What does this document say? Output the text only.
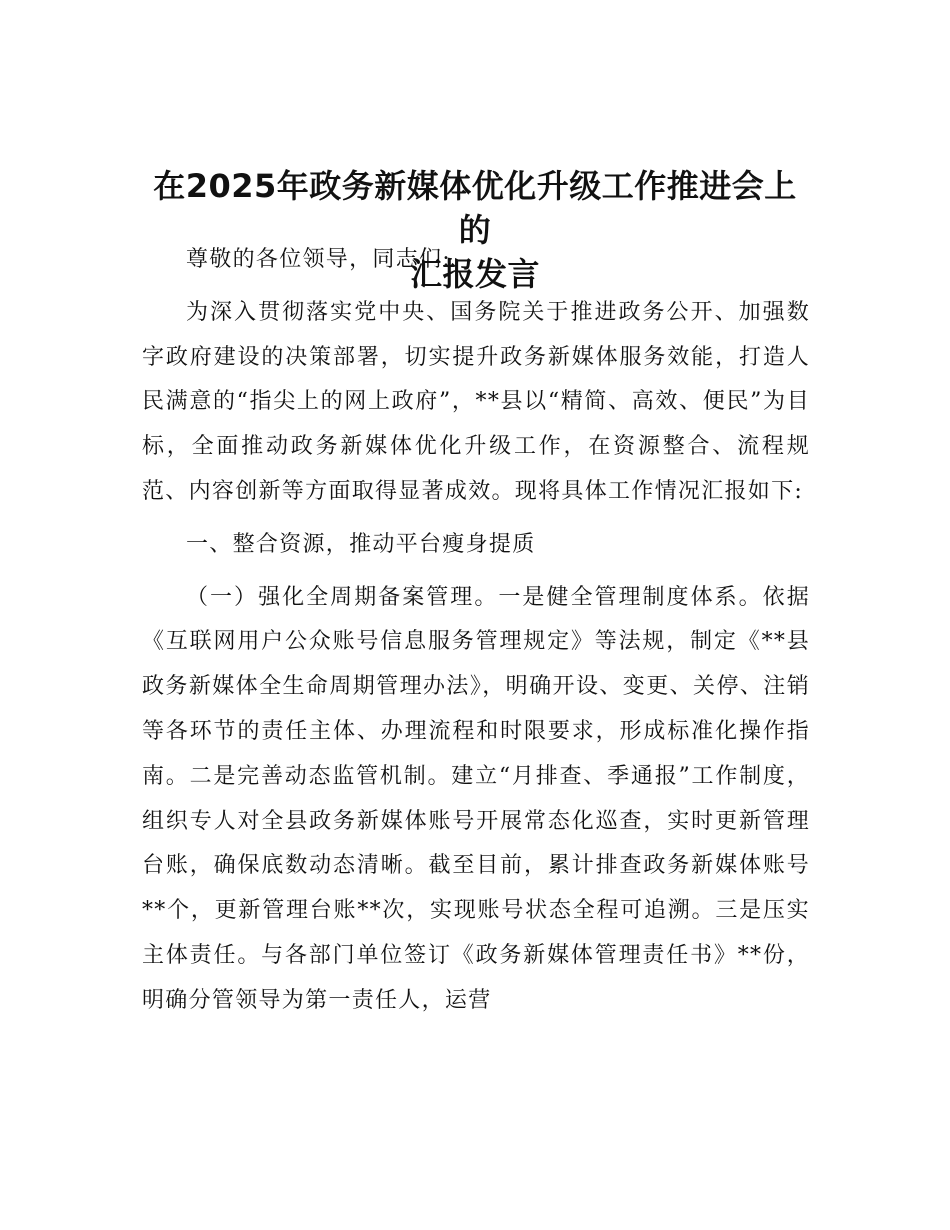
在2025年政务新媒体优化升级工作推进会上的
汇报发言

尊敬的各位领导，同志们:

为深入贯彻落实党中央、国务院关于推进政务公开、加强数字政府建设的决策部署，切实提升政务新媒体服务效能，打造人民满意的“指尖上的网上政府”，**县以“精简、高效、便民”为目标，全面推动政务新媒体优化升级工作，在资源整合、流程规范、内容创新等方面取得显著成效。现将具体工作情况汇报如下:

一、整合资源，推动平台瘦身提质

（一）强化全周期备案管理。一是健全管理制度体系。依据《互联网用户公众账号信息服务管理规定》等法规，制定《**县政务新媒体全生命周期管理办法》，明确开设、变更、关停、注销等各环节的责任主体、办理流程和时限要求，形成标准化操作指南。二是完善动态监管机制。建立“月排查、季通报”工作制度，组织专人对全县政务新媒体账号开展常态化巡查，实时更新管理台账，确保底数动态清晰。截至目前，累计排查政务新媒体账号**个，更新管理台账**次，实现账号状态全程可追溯。三是压实主体责任。与各部门单位签订《政务新媒体管理责任书》**份，明确分管领导为第一责任人，运营
